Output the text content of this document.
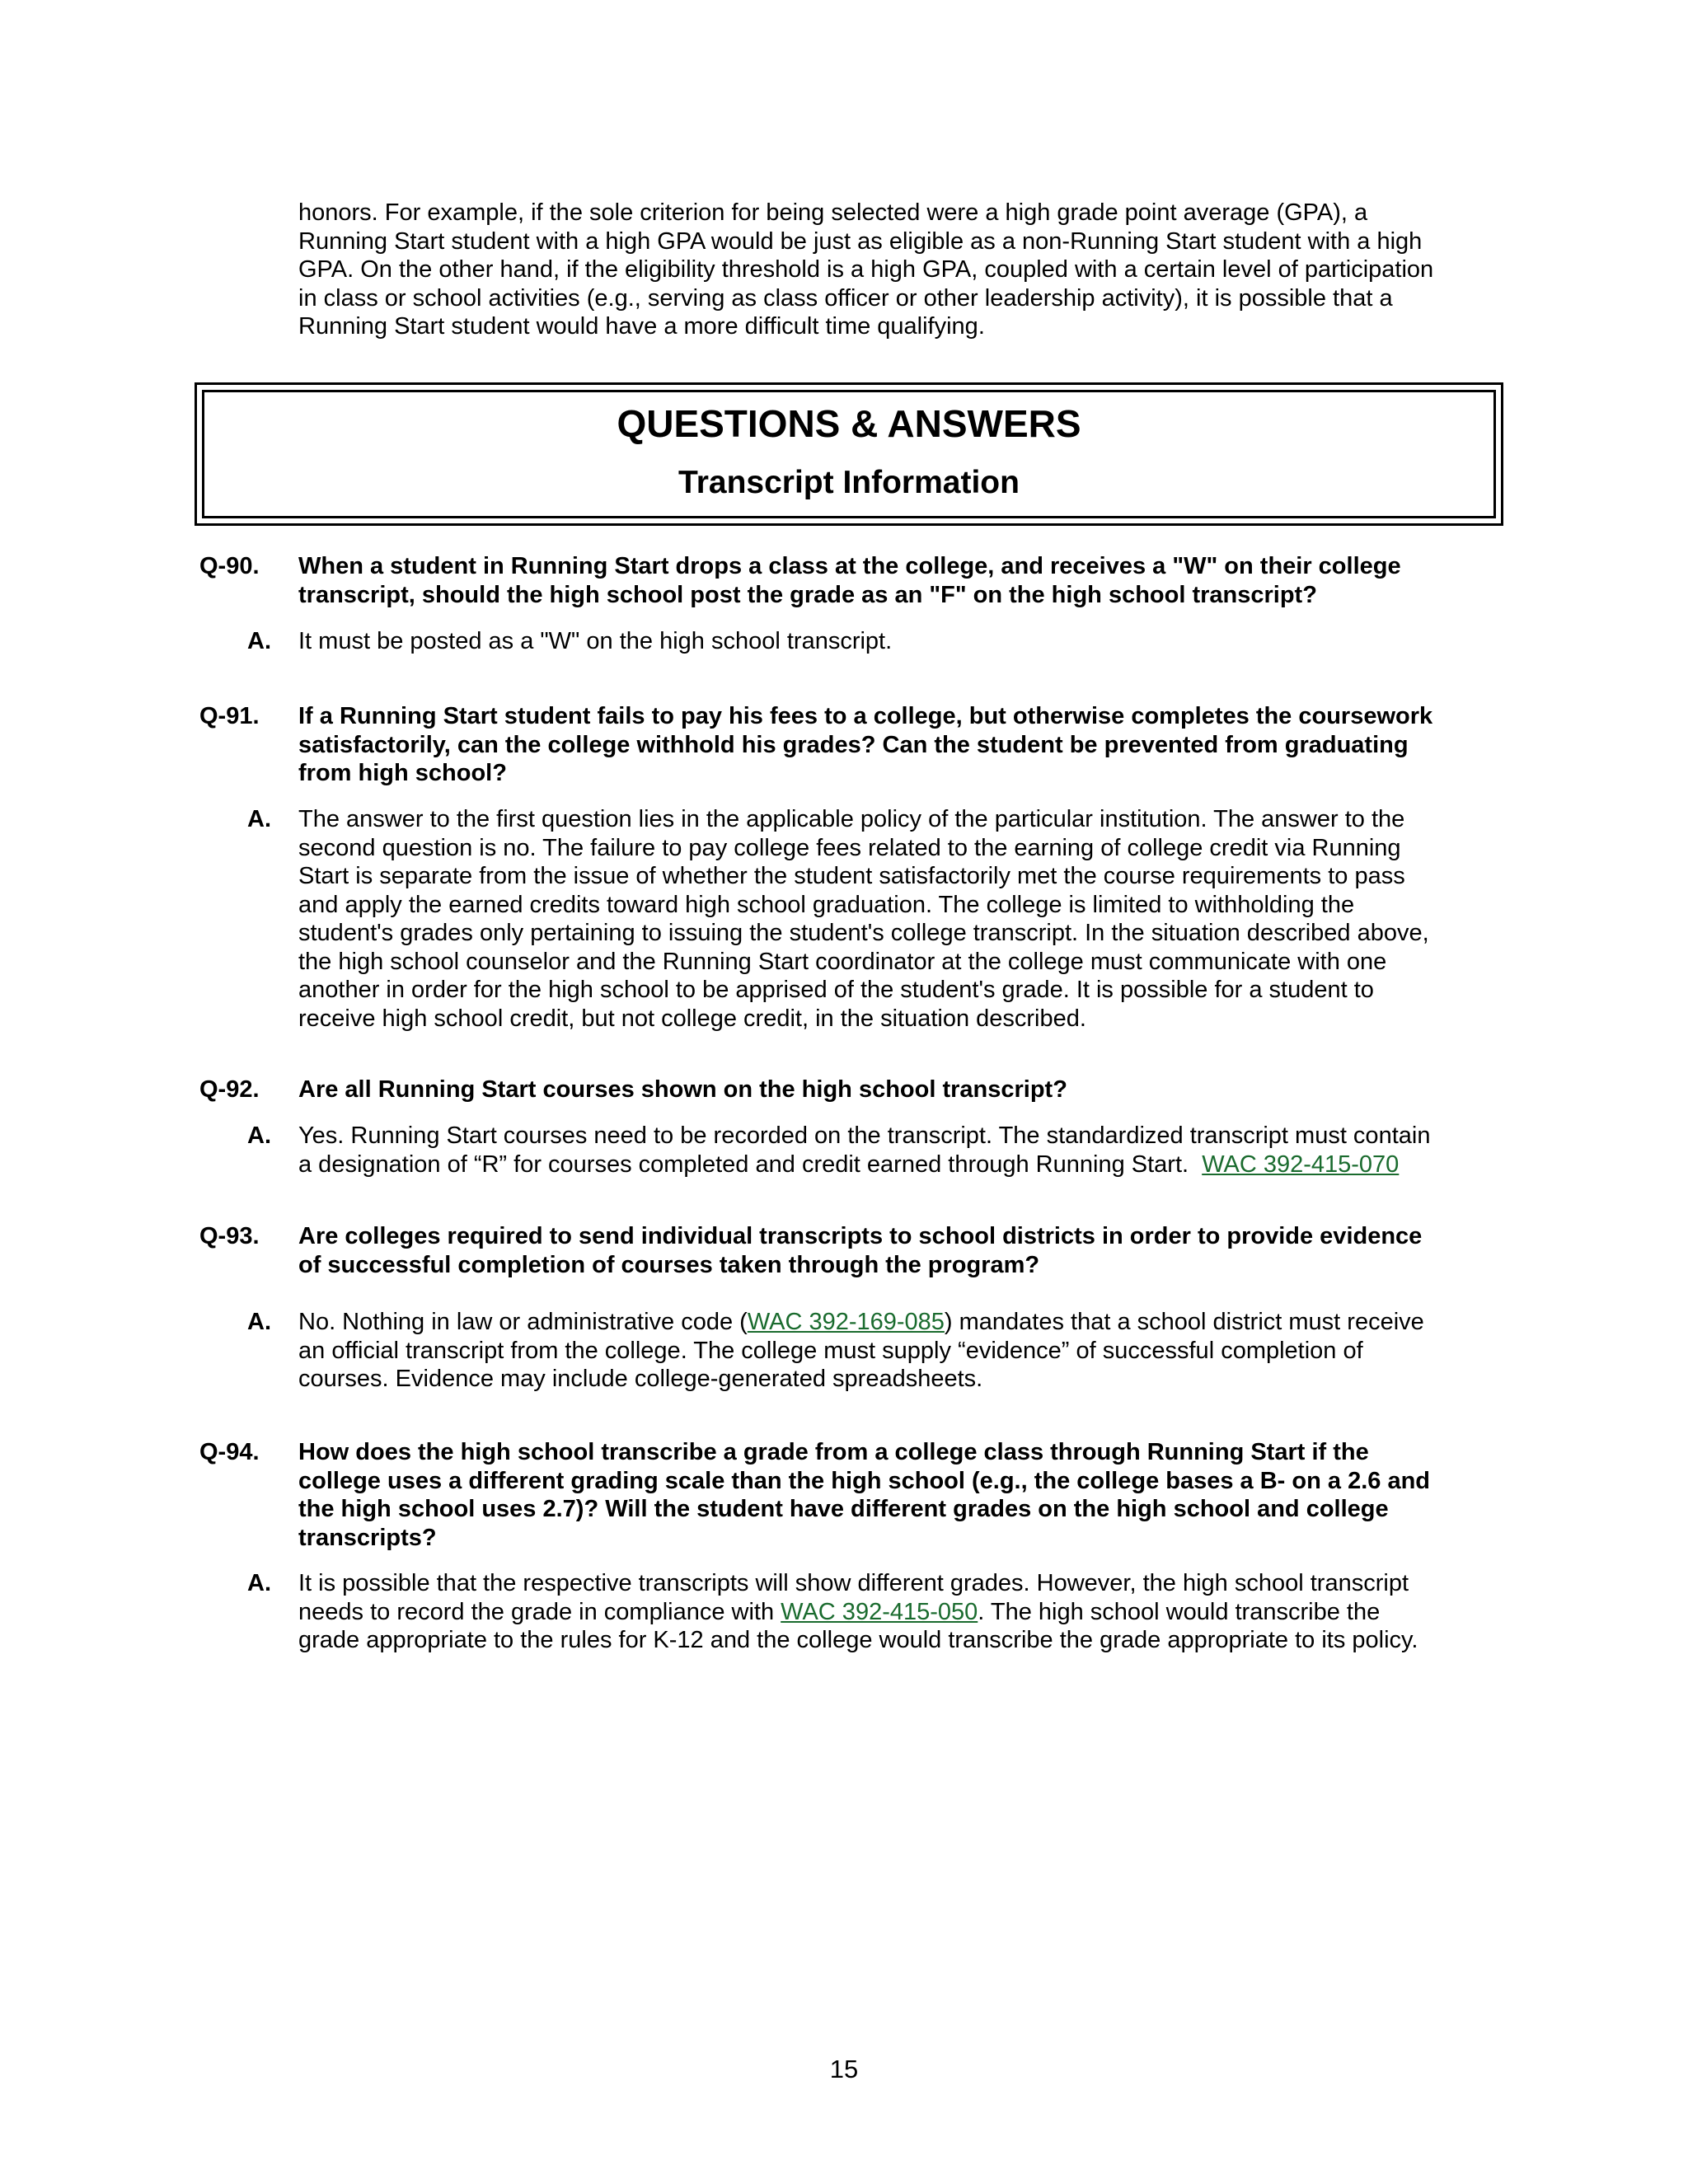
honors. For example, if the sole criterion for being selected were a high grade point average (GPA), a
Running Start student with a high GPA would be just as eligible as a non-Running Start student with a high
GPA. On the other hand, if the eligibility threshold is a high GPA, coupled with a certain level of participation
in class or school activities (e.g., serving as class officer or other leadership activity), it is possible that a
Running Start student would have a more difficult time qualifying.
QUESTIONS & ANSWERS
Transcript Information
Q-90. When a student in Running Start drops a class at the college, and receives a "W" on their college
transcript, should the high school post the grade as an "F" on the high school transcript?
A. It must be posted as a "W" on the high school transcript.
Q-91. If a Running Start student fails to pay his fees to a college, but otherwise completes the coursework
satisfactorily, can the college withhold his grades? Can the student be prevented from graduating
from high school?
A. The answer to the first question lies in the applicable policy of the particular institution. The answer to the
second question is no. The failure to pay college fees related to the earning of college credit via Running
Start is separate from the issue of whether the student satisfactorily met the course requirements to pass
and apply the earned credits toward high school graduation. The college is limited to withholding the
student's grades only pertaining to issuing the student's college transcript. In the situation described above,
the high school counselor and the Running Start coordinator at the college must communicate with one
another in order for the high school to be apprised of the student's grade. It is possible for a student to
receive high school credit, but not college credit, in the situation described.
Q-92. Are all Running Start courses shown on the high school transcript?
A. Yes. Running Start courses need to be recorded on the transcript. The standardized transcript must contain
a designation of “R” for courses completed and credit earned through Running Start. WAC 392-415-070
Q-93. Are colleges required to send individual transcripts to school districts in order to provide evidence
of successful completion of courses taken through the program?
A. No. Nothing in law or administrative code (WAC 392-169-085) mandates that a school district must receive
an official transcript from the college. The college must supply “evidence” of successful completion of
courses. Evidence may include college-generated spreadsheets.
Q-94. How does the high school transcribe a grade from a college class through Running Start if the
college uses a different grading scale than the high school (e.g., the college bases a B- on a 2.6 and
the high school uses 2.7)? Will the student have different grades on the high school and college
transcripts?
A. It is possible that the respective transcripts will show different grades. However, the high school transcript
needs to record the grade in compliance with WAC 392-415-050. The high school would transcribe the
grade appropriate to the rules for K-12 and the college would transcribe the grade appropriate to its policy.
15
